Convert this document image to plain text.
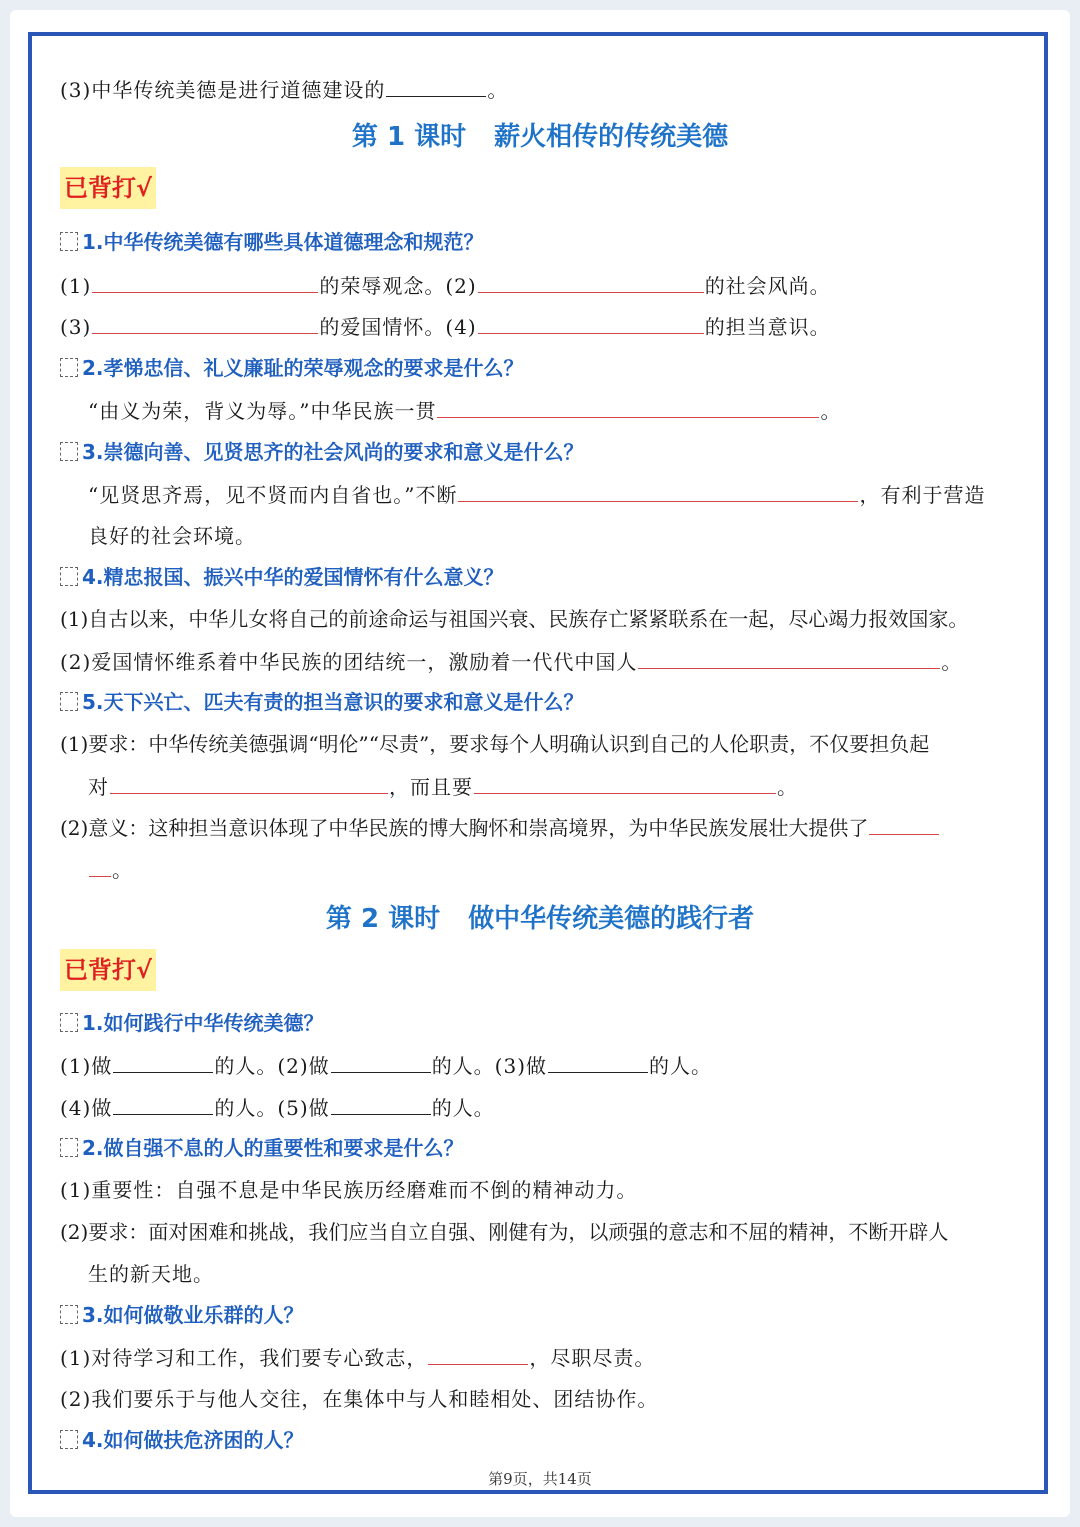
(3)中华传统美德是进行道德建设的	。
第 1 课时 薪火相传的传统美德
已背打√
1.中华传统美德有哪些具体道德理念和规范？
(1)	的荣辱观念。(2)	的社会风尚。
(3)	的爱国情怀。(4)	的担当意识。
2.孝悌忠信、礼义廉耻的荣辱观念的要求是什么？
“由义为荣，背义为辱。”中华民族一贯	。
3.崇德向善、见贤思齐的社会风尚的要求和意义是什么？
“见贤思齐焉，见不贤而内自省也。”不断	，有利于营造
良好的社会环境。
4.精忠报国、振兴中华的爱国情怀有什么意义？
(1)自古以来，中华儿女将自己的前途命运与祖国兴衰、民族存亡紧紧联系在一起，尽心竭力报效国家。
(2)爱国情怀维系着中华民族的团结统一，激励着一代代中国人	。
5.天下兴亡、匹夫有责的担当意识的要求和意义是什么？
(1)要求：中华传统美德强调“明伦”“尽责”，要求每个人明确认识到自己的人伦职责，不仅要担负起
对	，而且要	。
(2)意义：这种担当意识体现了中华民族的博大胸怀和崇高境界，为中华民族发展壮大提供了
。
第 2 课时 做中华传统美德的践行者
已背打√
1.如何践行中华传统美德？
(1)做	的人。(2)做	的人。(3)做	的人。
(4)做	的人。(5)做	的人。
2.做自强不息的人的重要性和要求是什么？
(1)重要性：自强不息是中华民族历经磨难而不倒的精神动力。
(2)要求：面对困难和挑战，我们应当自立自强、刚健有为，以顽强的意志和不屈的精神，不断开辟人
生的新天地。
3.如何做敬业乐群的人？
(1)对待学习和工作，我们要专心致志，	，尽职尽责。
(2)我们要乐于与他人交往，在集体中与人和睦相处、团结协作。
4.如何做扶危济困的人？
第9页，共14页
